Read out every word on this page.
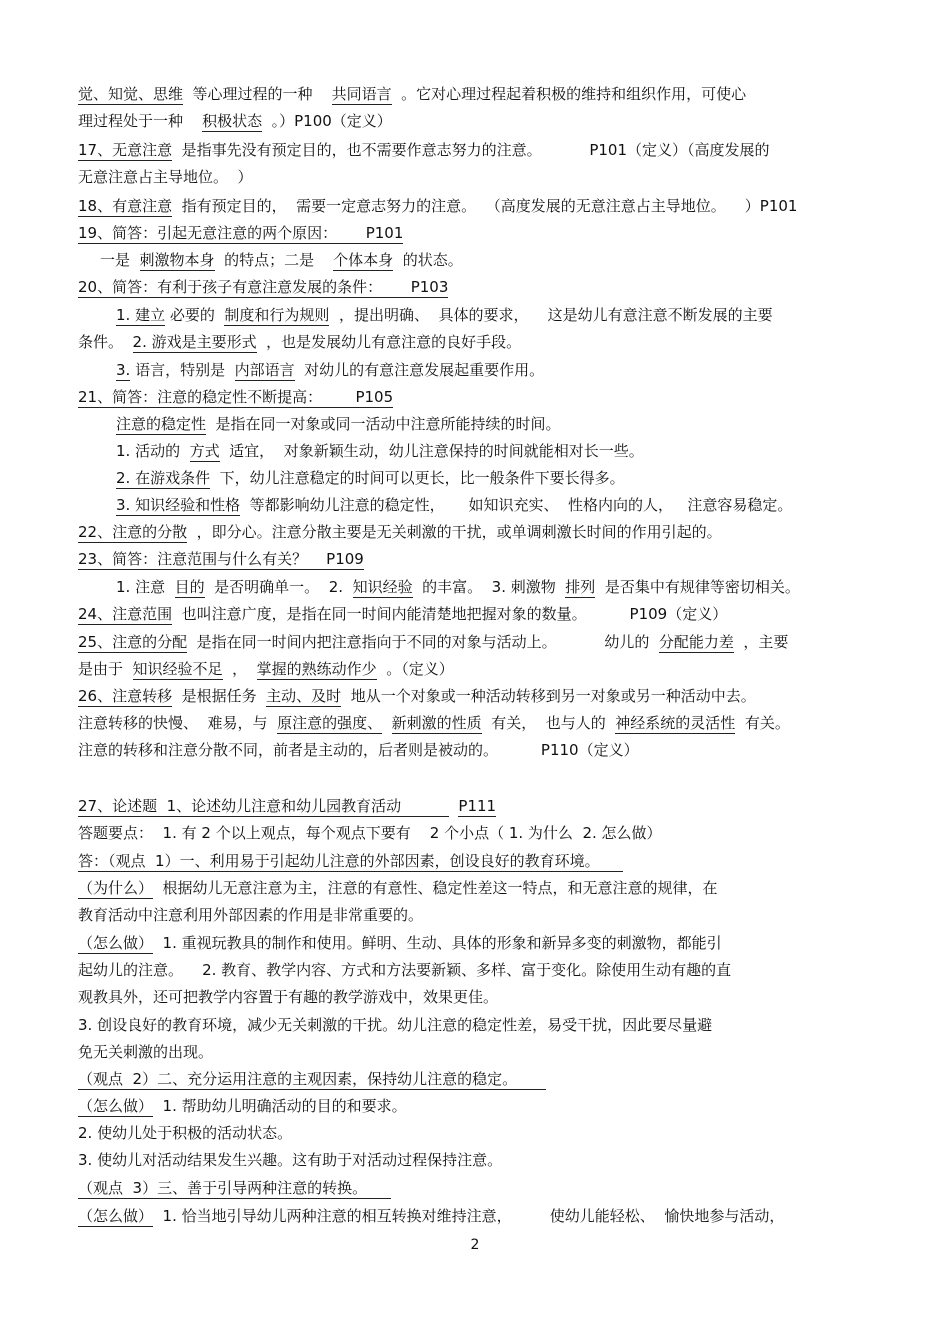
觉、知觉、思维  等心理过程的一种    共同语言  。它对心理过程起着积极的维持和组织作用，可使心
理过程处于一种    积极状态  。）P100（定义）
17、无意注意  是指事先没有预定目的，也不需要作意志努力的注意。          P101（定义）（高度发展的
无意注意占主导地位。  ）
18、有意注意  指有预定目的，  需要一定意志努力的注意。  （高度发展的无意注意占主导地位。    ）P101
19、简答：引起无意注意的两个原因：      P101
一是  刺激物本身  的特点；二是    个体本身  的状态。
20、简答：有利于孩子有意注意发展的条件：      P103
1. 建立 必要的  制度和行为规则  ，提出明确、  具体的要求，    这是幼儿有意注意不断发展的主要
条件。  2. 游戏是主要形式  ，也是发展幼儿有意注意的良好手段。
3. 语言，特别是  内部语言  对幼儿的有意注意发展起重要作用。
21、简答：注意的稳定性不断提高：       P105
注意的稳定性  是指在同一对象或同一活动中注意所能持续的时间。
1. 活动的  方式  适宜，  对象新颖生动，幼儿注意保持的时间就能相对长一些。
2. 在游戏条件  下，幼儿注意稳定的时间可以更长，比一般条件下要长得多。
3. 知识经验和性格  等都影响幼儿注意的稳定性，     如知识充实、  性格内向的人，   注意容易稳定。
22、注意的分散  ，即分心。注意分散主要是无关刺激的干扰，或单调刺激长时间的作用引起的。
23、简答：注意范围与什么有关？    P109
1. 注意  目的  是否明确单一。  2.  知识经验  的丰富。  3. 刺激物  排列  是否集中有规律等密切相关。
24、注意范围  也叫注意广度，是指在同一时间内能清楚地把握对象的数量。         P109（定义）
25、注意的分配  是指在同一时间内把注意指向于不同的对象与活动上。          幼儿的  分配能力差  ，主要
是由于  知识经验不足  ，  掌握的熟练动作少  。（定义）
26、注意转移  是根据任务  主动、及时  地从一个对象或一种活动转移到另一对象或另一种活动中去。
注意转移的快慢、  难易，与  原注意的强度、 新刺激的性质  有关，  也与人的  神经系统的灵活性  有关。
注意的转移和注意分散不同，前者是主动的，后者则是被动的。         P110（定义）
27、论述题  1、论述幼儿注意和幼儿园教育活动            P111
答题要点：  1. 有 2 个以上观点，每个观点下要有    2 个小点（ 1. 为什么  2. 怎么做）
答：（观点  1）一、利用易于引起幼儿注意的外部因素，创设良好的教育环境。
（为什么）  根据幼儿无意注意为主，注意的有意性、稳定性差这一特点，和无意注意的规律，在
教育活动中注意利用外部因素的作用是非常重要的。
（怎么做）  1. 重视玩教具的制作和使用。鲜明、生动、具体的形象和新异多变的刺激物，都能引
起幼儿的注意。    2. 教育、教学内容、方式和方法要新颖、多样、富于变化。除使用生动有趣的直
观教具外，还可把教学内容置于有趣的教学游戏中，效果更佳。
3. 创设良好的教育环境，减少无关刺激的干扰。幼儿注意的稳定性差，易受干扰，因此要尽量避
免无关刺激的出现。
（观点  2）二、充分运用注意的主观因素，保持幼儿注意的稳定。
（怎么做）  1. 帮助幼儿明确活动的目的和要求。
2. 使幼儿处于积极的活动状态。
3. 使幼儿对活动结果发生兴趣。这有助于对活动过程保持注意。
（观点  3）三、善于引导两种注意的转换。
（怎么做）  1. 恰当地引导幼儿两种注意的相互转换对维持注意，        使幼儿能轻松、  愉快地参与活动，
2
